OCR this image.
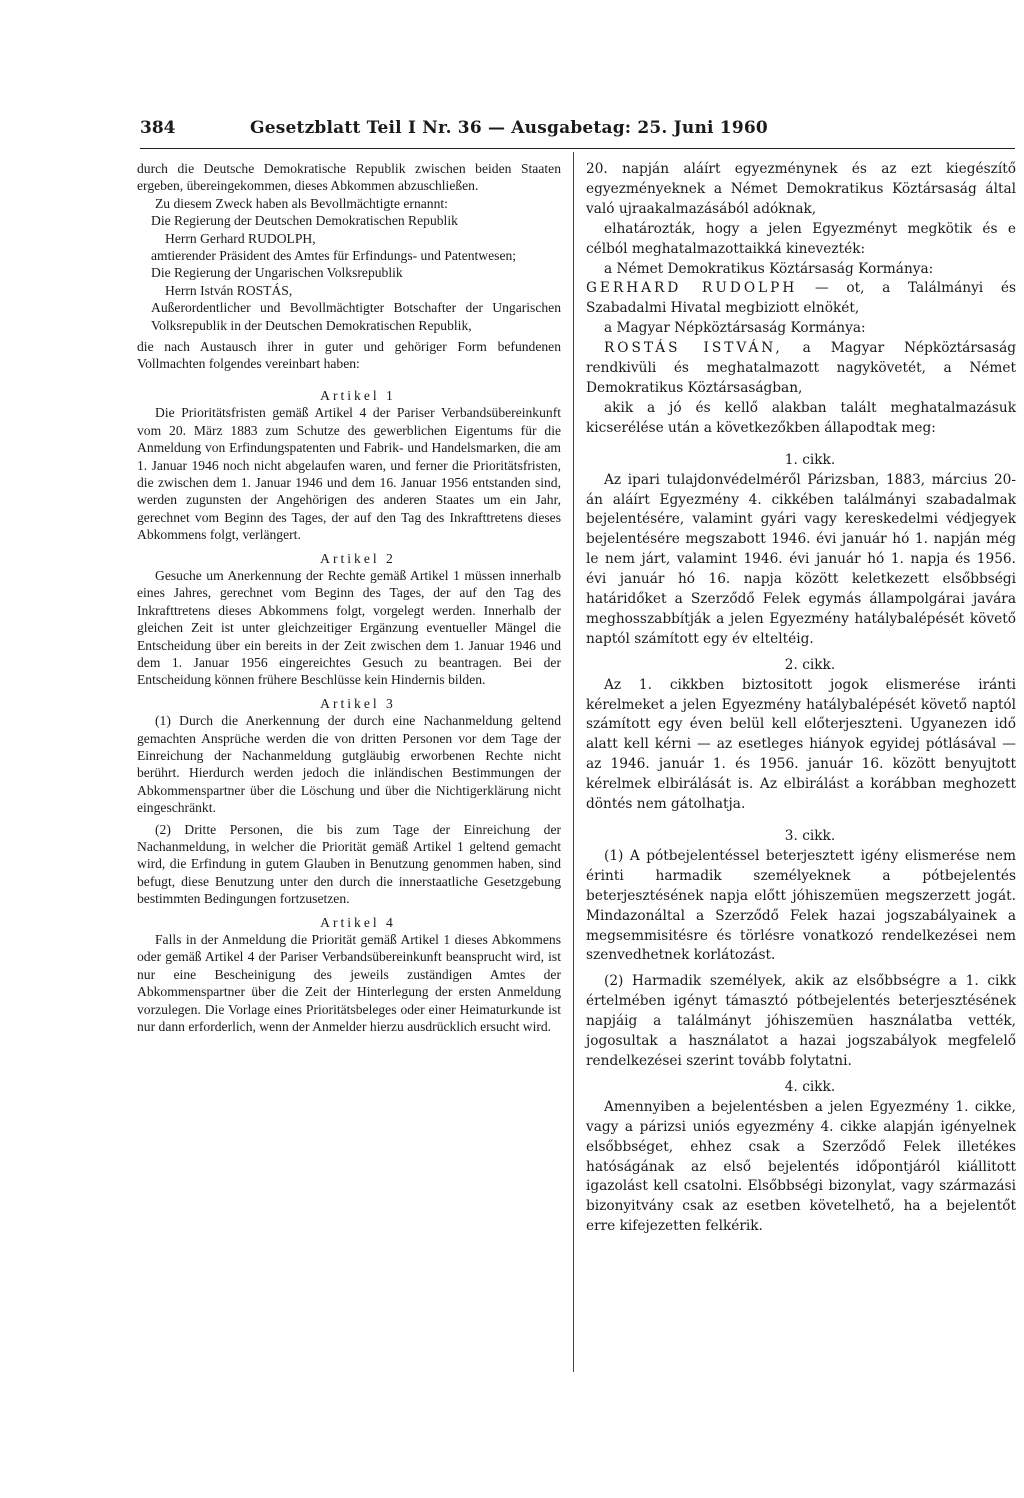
384	Gesetzblatt Teil I Nr. 36 — Ausgabetag: 25. Juni 1960

durch die Deutsche Demokratische Republik zwischen beiden Staaten ergeben, übereingekommen, dieses Abkommen abzuschließen.

Zu diesem Zweck haben als Bevollmächtigte ernannt:

Die Regierung der Deutschen Demokratischen Republik

Herrn Gerhard RUDOLPH,

amtierender Präsident des Amtes für Erfindungs- und Patentwesen;

Die Regierung der Ungarischen Volksrepublik

Herrn István ROSTÁS,

Außerordentlicher und Bevollmächtigter Botschafter der Ungarischen Volksrepublik in der Deutschen Demokratischen Republik,

die nach Austausch ihrer in guter und gehöriger Form befundenen Vollmachten folgendes vereinbart haben:

Artikel 1

Die Prioritätsfristen gemäß Artikel 4 der Pariser Verbandsübereinkunft vom 20. März 1883 zum Schutze des gewerblichen Eigentums für die Anmeldung von Erfindungspatenten und Fabrik- und Handelsmarken, die am 1. Januar 1946 noch nicht abgelaufen waren, und ferner die Prioritätsfristen, die zwischen dem 1. Januar 1946 und dem 16. Januar 1956 entstanden sind, werden zugunsten der Angehörigen des anderen Staates um ein Jahr, gerechnet vom Beginn des Tages, der auf den Tag des Inkrafttretens dieses Abkommens folgt, verlängert.

Artikel 2

Gesuche um Anerkennung der Rechte gemäß Artikel 1 müssen innerhalb eines Jahres, gerechnet vom Beginn des Tages, der auf den Tag des Inkrafttretens dieses Abkommens folgt, vorgelegt werden. Innerhalb der gleichen Zeit ist unter gleichzeitiger Ergänzung eventueller Mängel die Entscheidung über ein bereits in der Zeit zwischen dem 1. Januar 1946 und dem 1. Januar 1956 eingereichtes Gesuch zu beantragen. Bei der Entscheidung können frühere Beschlüsse kein Hindernis bilden.

Artikel 3

(1) Durch die Anerkennung der durch eine Nachanmeldung geltend gemachten Ansprüche werden die von dritten Personen vor dem Tage der Einreichung der Nachanmeldung gutgläubig erworbenen Rechte nicht berührt. Hierdurch werden jedoch die inländischen Bestimmungen der Abkommenspartner über die Löschung und über die Nichtigerklärung nicht eingeschränkt.

(2) Dritte Personen, die bis zum Tage der Einreichung der Nachanmeldung, in welcher die Priorität gemäß Artikel 1 geltend gemacht wird, die Erfindung in gutem Glauben in Benutzung genommen haben, sind befugt, diese Benutzung unter den durch die innerstaatliche Gesetzgebung bestimmten Bedingungen fortzusetzen.

Artikel 4

Falls in der Anmeldung die Priorität gemäß Artikel 1 dieses Abkommens oder gemäß Artikel 4 der Pariser Verbandsübereinkunft beansprucht wird, ist nur eine Bescheinigung des jeweils zuständigen Amtes der Abkommenspartner über die Zeit der Hinterlegung der ersten Anmeldung vorzulegen. Die Vorlage eines Prioritätsbeleges oder einer Heimaturkunde ist nur dann erforderlich, wenn der Anmelder hierzu ausdrücklich ersucht wird.

20. napján aláírt egyezménynek és az ezt kiegészítő egyezményeknek a Német Demokratikus Köztársaság által való ujraakalmazásából adóknak,

elhatározták, hogy a jelen Egyezményt megkötik és e célból meghatalmazottaikká kinevezték:

a Német Demokratikus Köztársaság Kormánya:

GERHARD RUDOLPH — ot, a Találmányi és Szabadalmi Hivatal megbiziott elnökét,

a Magyar Népköztársaság Kormánya:

ROSTÁS ISTVÁN, a Magyar Népköztársaság rendkivüli és meghatalmazott nagykövetét, a Német Demokratikus Köztársaságban,

akik a jó és kellő alakban talált meghatalmazásuk kicserélése után a következőkben állapodtak meg:

1. cikk.

Az ipari tulajdonvédelméről Párizsban, 1883, március 20-án aláírt Egyezmény 4. cikkében találmányi szabadalmak bejelentésére, valamint gyári vagy kereskedelmi védjegyek bejelentésére megszabott 1946. évi január hó 1. napján még le nem járt, valamint 1946. évi január hó 1. napja és 1956. évi január hó 16. napja között keletkezett elsőbbségi határidőket a Szerződő Felek egymás állampolgárai javára meghosszabbítják a jelen Egyezmény hatálybalépését követő naptól számított egy év elteltéig.

2. cikk.

Az 1. cikkben biztositott jogok elismerése iránti kérelmeket a jelen Egyezmény hatálybalépését követő naptól számított egy éven belül kell előterjeszteni. Ugyanezen idő alatt kell kérni — az esetleges hiányok egyidej pótlásával — az 1946. január 1. és 1956. január 16. között benyujtott kérelmek elbirálását is. Az elbirálást a korábban meghozett döntés nem gátolhatja.

3. cikk.

(1) A pótbejelentéssel beterjesztett igény elismerése nem érinti harmadik személyeknek a pótbejelentés beterjesztésének napja előtt jóhiszemüen megszerzett jogát. Mindazonáltal a Szerződő Felek hazai jogszabályainek a megsemmisitésre és törlésre vonatkozó rendelkezései nem szenvedhetnek korlátozást.

(2) Harmadik személyek, akik az elsőbbségre a 1. cikk értelmében igényt támasztó pótbejelentés beterjesztésének napjáig a találmányt jóhiszemüen használatba vették, jogosultak a használatot a hazai jogszabályok megfelelő rendelkezései szerint tovább folytatni.

4. cikk.

Amennyiben a bejelentésben a jelen Egyezmény 1. cikke, vagy a párizsi uniós egyezmény 4. cikke alapján igényelnek elsőbbséget, ehhez csak a Szerződő Felek illetékes hatóságának az első bejelentés időpontjáról kiállitott igazolást kell csatolni. Elsőbbségi bizonylat, vagy származási bizonyitvány csak az esetben követelhető, ha a bejelentőt erre kifejezetten felkérik.
